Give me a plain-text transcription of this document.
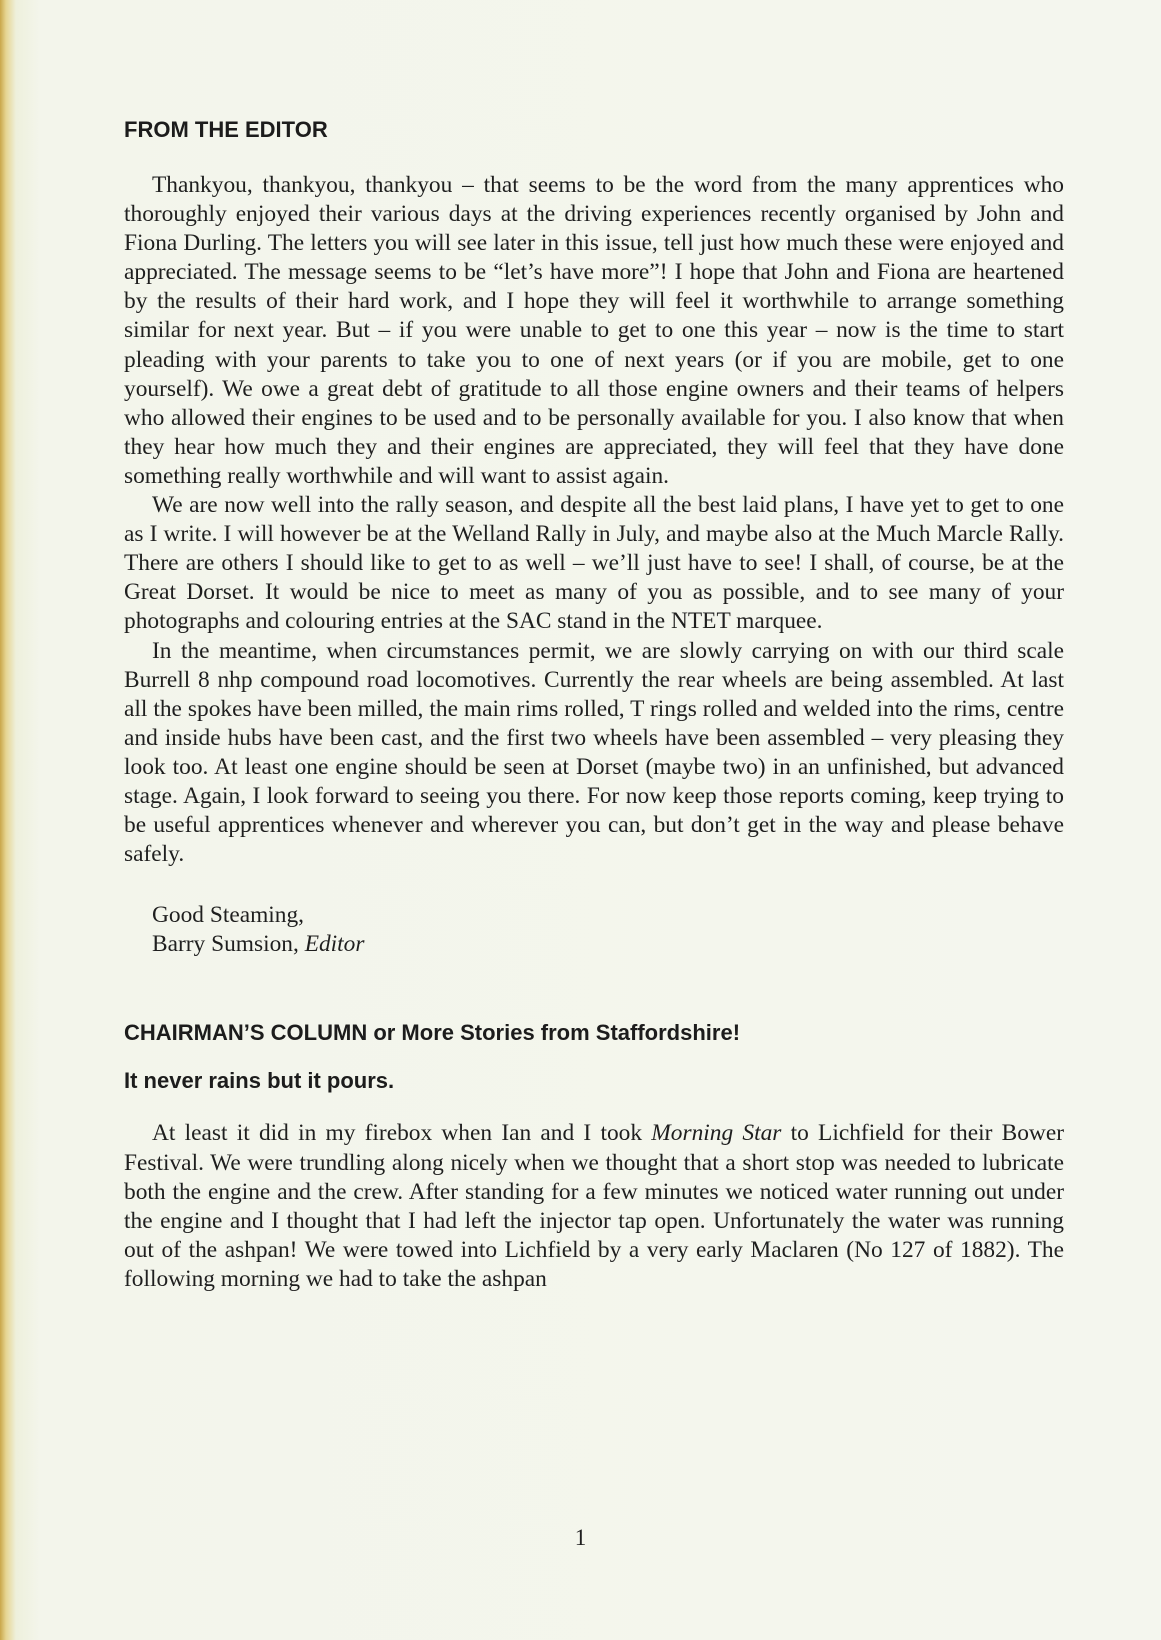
FROM THE EDITOR

Thankyou, thankyou, thankyou – that seems to be the word from the many apprentices who thoroughly enjoyed their various days at the driving experiences recently organised by John and Fiona Durling. The letters you will see later in this issue, tell just how much these were enjoyed and appreciated. The message seems to be “let’s have more”! I hope that John and Fiona are heartened by the results of their hard work, and I hope they will feel it worthwhile to arrange something similar for next year. But – if you were unable to get to one this year – now is the time to start pleading with your parents to take you to one of next years (or if you are mobile, get to one yourself). We owe a great debt of gratitude to all those engine owners and their teams of helpers who allowed their engines to be used and to be personally available for you. I also know that when they hear how much they and their engines are appreciated, they will feel that they have done something really worthwhile and will want to assist again.

We are now well into the rally season, and despite all the best laid plans, I have yet to get to one as I write. I will however be at the Welland Rally in July, and maybe also at the Much Marcle Rally. There are others I should like to get to as well – we’ll just have to see! I shall, of course, be at the Great Dorset. It would be nice to meet as many of you as possible, and to see many of your photographs and colouring entries at the SAC stand in the NTET marquee.

In the meantime, when circumstances permit, we are slowly carrying on with our third scale Burrell 8 nhp compound road locomotives. Currently the rear wheels are being assembled. At last all the spokes have been milled, the main rims rolled, T rings rolled and welded into the rims, centre and inside hubs have been cast, and the first two wheels have been assembled – very pleasing they look too. At least one engine should be seen at Dorset (maybe two) in an unfinished, but advanced stage. Again, I look forward to seeing you there. For now keep those reports coming, keep trying to be useful apprentices whenever and wherever you can, but don’t get in the way and please behave safely.

Good Steaming,
Barry Sumsion, Editor
CHAIRMAN’S COLUMN or More Stories from Staffordshire!
It never rains but it pours.

At least it did in my firebox when Ian and I took Morning Star to Lichfield for their Bower Festival. We were trundling along nicely when we thought that a short stop was needed to lubricate both the engine and the crew. After standing for a few minutes we noticed water running out under the engine and I thought that I had left the injector tap open. Unfortunately the water was running out of the ashpan! We were towed into Lichfield by a very early Maclaren (No 127 of 1882). The following morning we had to take the ashpan

1
